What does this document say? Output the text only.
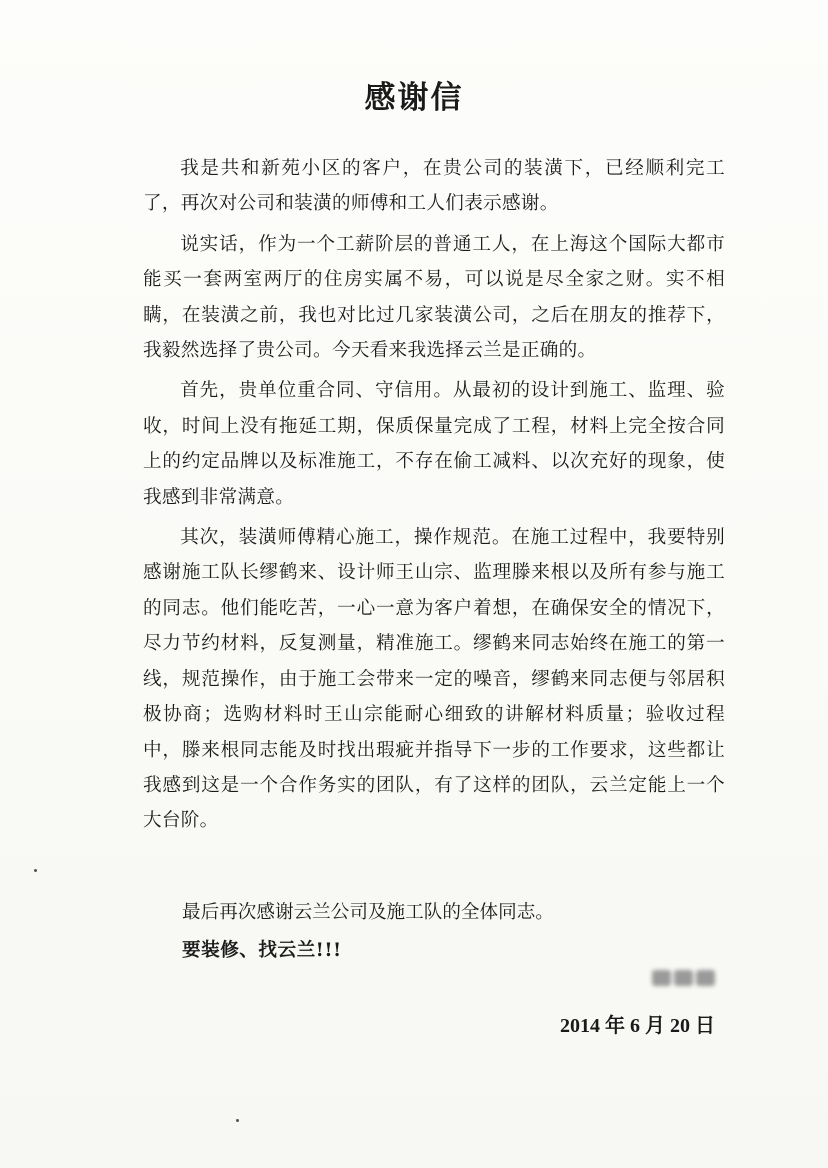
感谢信

我是共和新苑小区的客户，在贵公司的装潢下，已经顺利完工了，再次对公司和装潢的师傅和工人们表示感谢。

说实话，作为一个工薪阶层的普通工人，在上海这个国际大都市能买一套两室两厅的住房实属不易，可以说是尽全家之财。实不相瞒，在装潢之前，我也对比过几家装潢公司，之后在朋友的推荐下，我毅然选择了贵公司。今天看来我选择云兰是正确的。

首先，贵单位重合同、守信用。从最初的设计到施工、监理、验收，时间上没有拖延工期，保质保量完成了工程，材料上完全按合同上的约定品牌以及标准施工，不存在偷工减料、以次充好的现象，使我感到非常满意。

其次，装潢师傅精心施工，操作规范。在施工过程中，我要特别感谢施工队长缪鹤来、设计师王山宗、监理滕来根以及所有参与施工的同志。他们能吃苦，一心一意为客户着想，在确保安全的情况下，尽力节约材料，反复测量，精准施工。缪鹤来同志始终在施工的第一线，规范操作，由于施工会带来一定的噪音，缪鹤来同志便与邻居积极协商；选购材料时王山宗能耐心细致的讲解材料质量；验收过程中，滕来根同志能及时找出瑕疵并指导下一步的工作要求，这些都让我感到这是一个合作务实的团队，有了这样的团队，云兰定能上一个大台阶。

最后再次感谢云兰公司及施工队的全体同志。
要装修、找云兰!!!
2014 年 6 月 20 日
